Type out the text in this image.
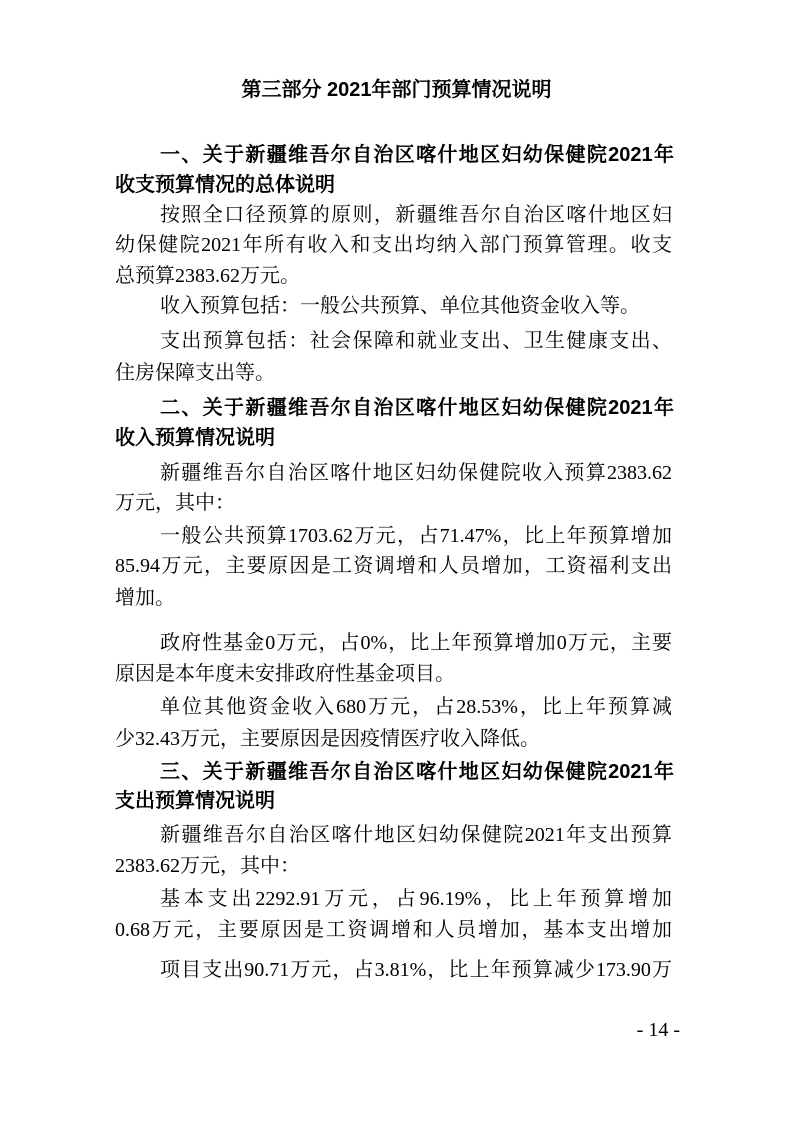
第三部分 2021年部门预算情况说明
一、关于新疆维吾尔自治区喀什地区妇幼保健院2021年
收支预算情况的总体说明
按照全口径预算的原则，新疆维吾尔自治区喀什地区妇
幼保健院2021年所有收入和支出均纳入部门预算管理。收支
总预算2383.62万元。
收入预算包括：一般公共预算、单位其他资金收入等。
支出预算包括：社会保障和就业支出、卫生健康支出、
住房保障支出等。
二、关于新疆维吾尔自治区喀什地区妇幼保健院2021年
收入预算情况说明
新疆维吾尔自治区喀什地区妇幼保健院收入预算2383.62
万元，其中：
一般公共预算1703.62万元，占71.47%，比上年预算增加
85.94万元，主要原因是工资调增和人员增加，工资福利支出
增加。
政府性基金0万元，占0%，比上年预算增加0万元，主要
原因是本年度未安排政府性基金项目。
单位其他资金收入680万元，占28.53%，比上年预算减
少32.43万元，主要原因是因疫情医疗收入降低。
三、关于新疆维吾尔自治区喀什地区妇幼保健院2021年
支出预算情况说明
新疆维吾尔自治区喀什地区妇幼保健院2021年支出预算
2383.62万元，其中：
基本支出2292.91万元，占96.19%，比上年预算增加
0.68万元，主要原因是工资调增和人员增加，基本支出增加
项目支出90.71万元，占3.81%，比上年预算减少173.90万
- 14 -
